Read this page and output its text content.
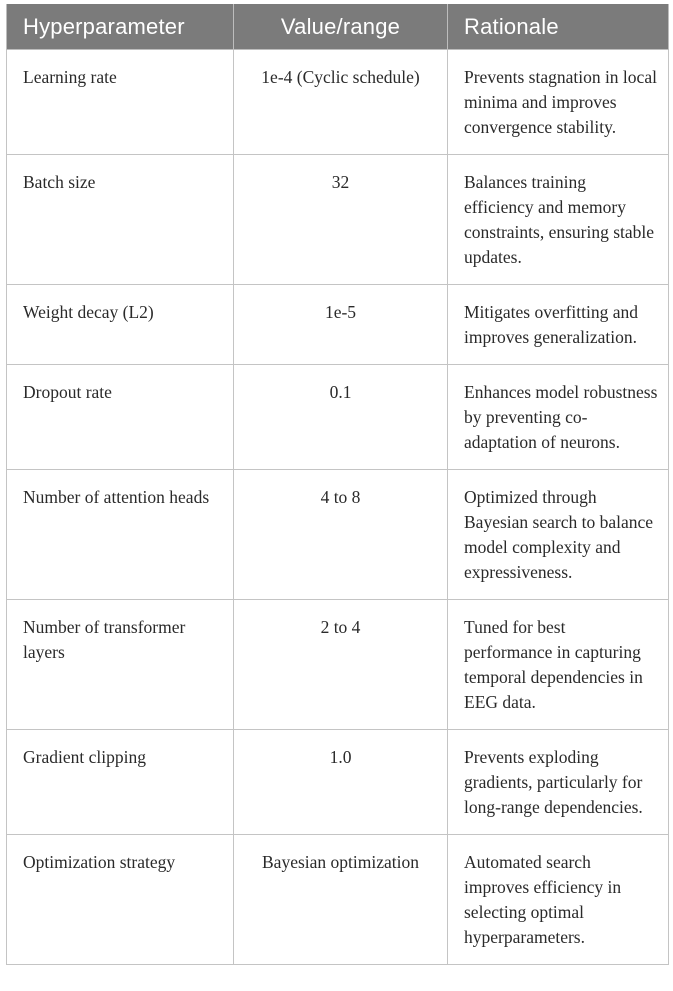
Hyperparameter	Value/range	Rationale
Learning rate	1e-4 (Cyclic schedule)	Prevents stagnation in local minima and improves convergence stability.
Batch size	32	Balances training efficiency and memory constraints, ensuring stable updates.
Weight decay (L2)	1e-5	Mitigates overfitting and improves generalization.
Dropout rate	0.1	Enhances model robustness by preventing co-adaptation of neurons.
Number of attention heads	4 to 8	Optimized through Bayesian search to balance model complexity and expressiveness.
Number of transformer layers	2 to 4	Tuned for best performance in capturing temporal dependencies in EEG data.
Gradient clipping	1.0	Prevents exploding gradients, particularly for long-range dependencies.
Optimization strategy	Bayesian optimization	Automated search improves efficiency in selecting optimal hyperparameters.
